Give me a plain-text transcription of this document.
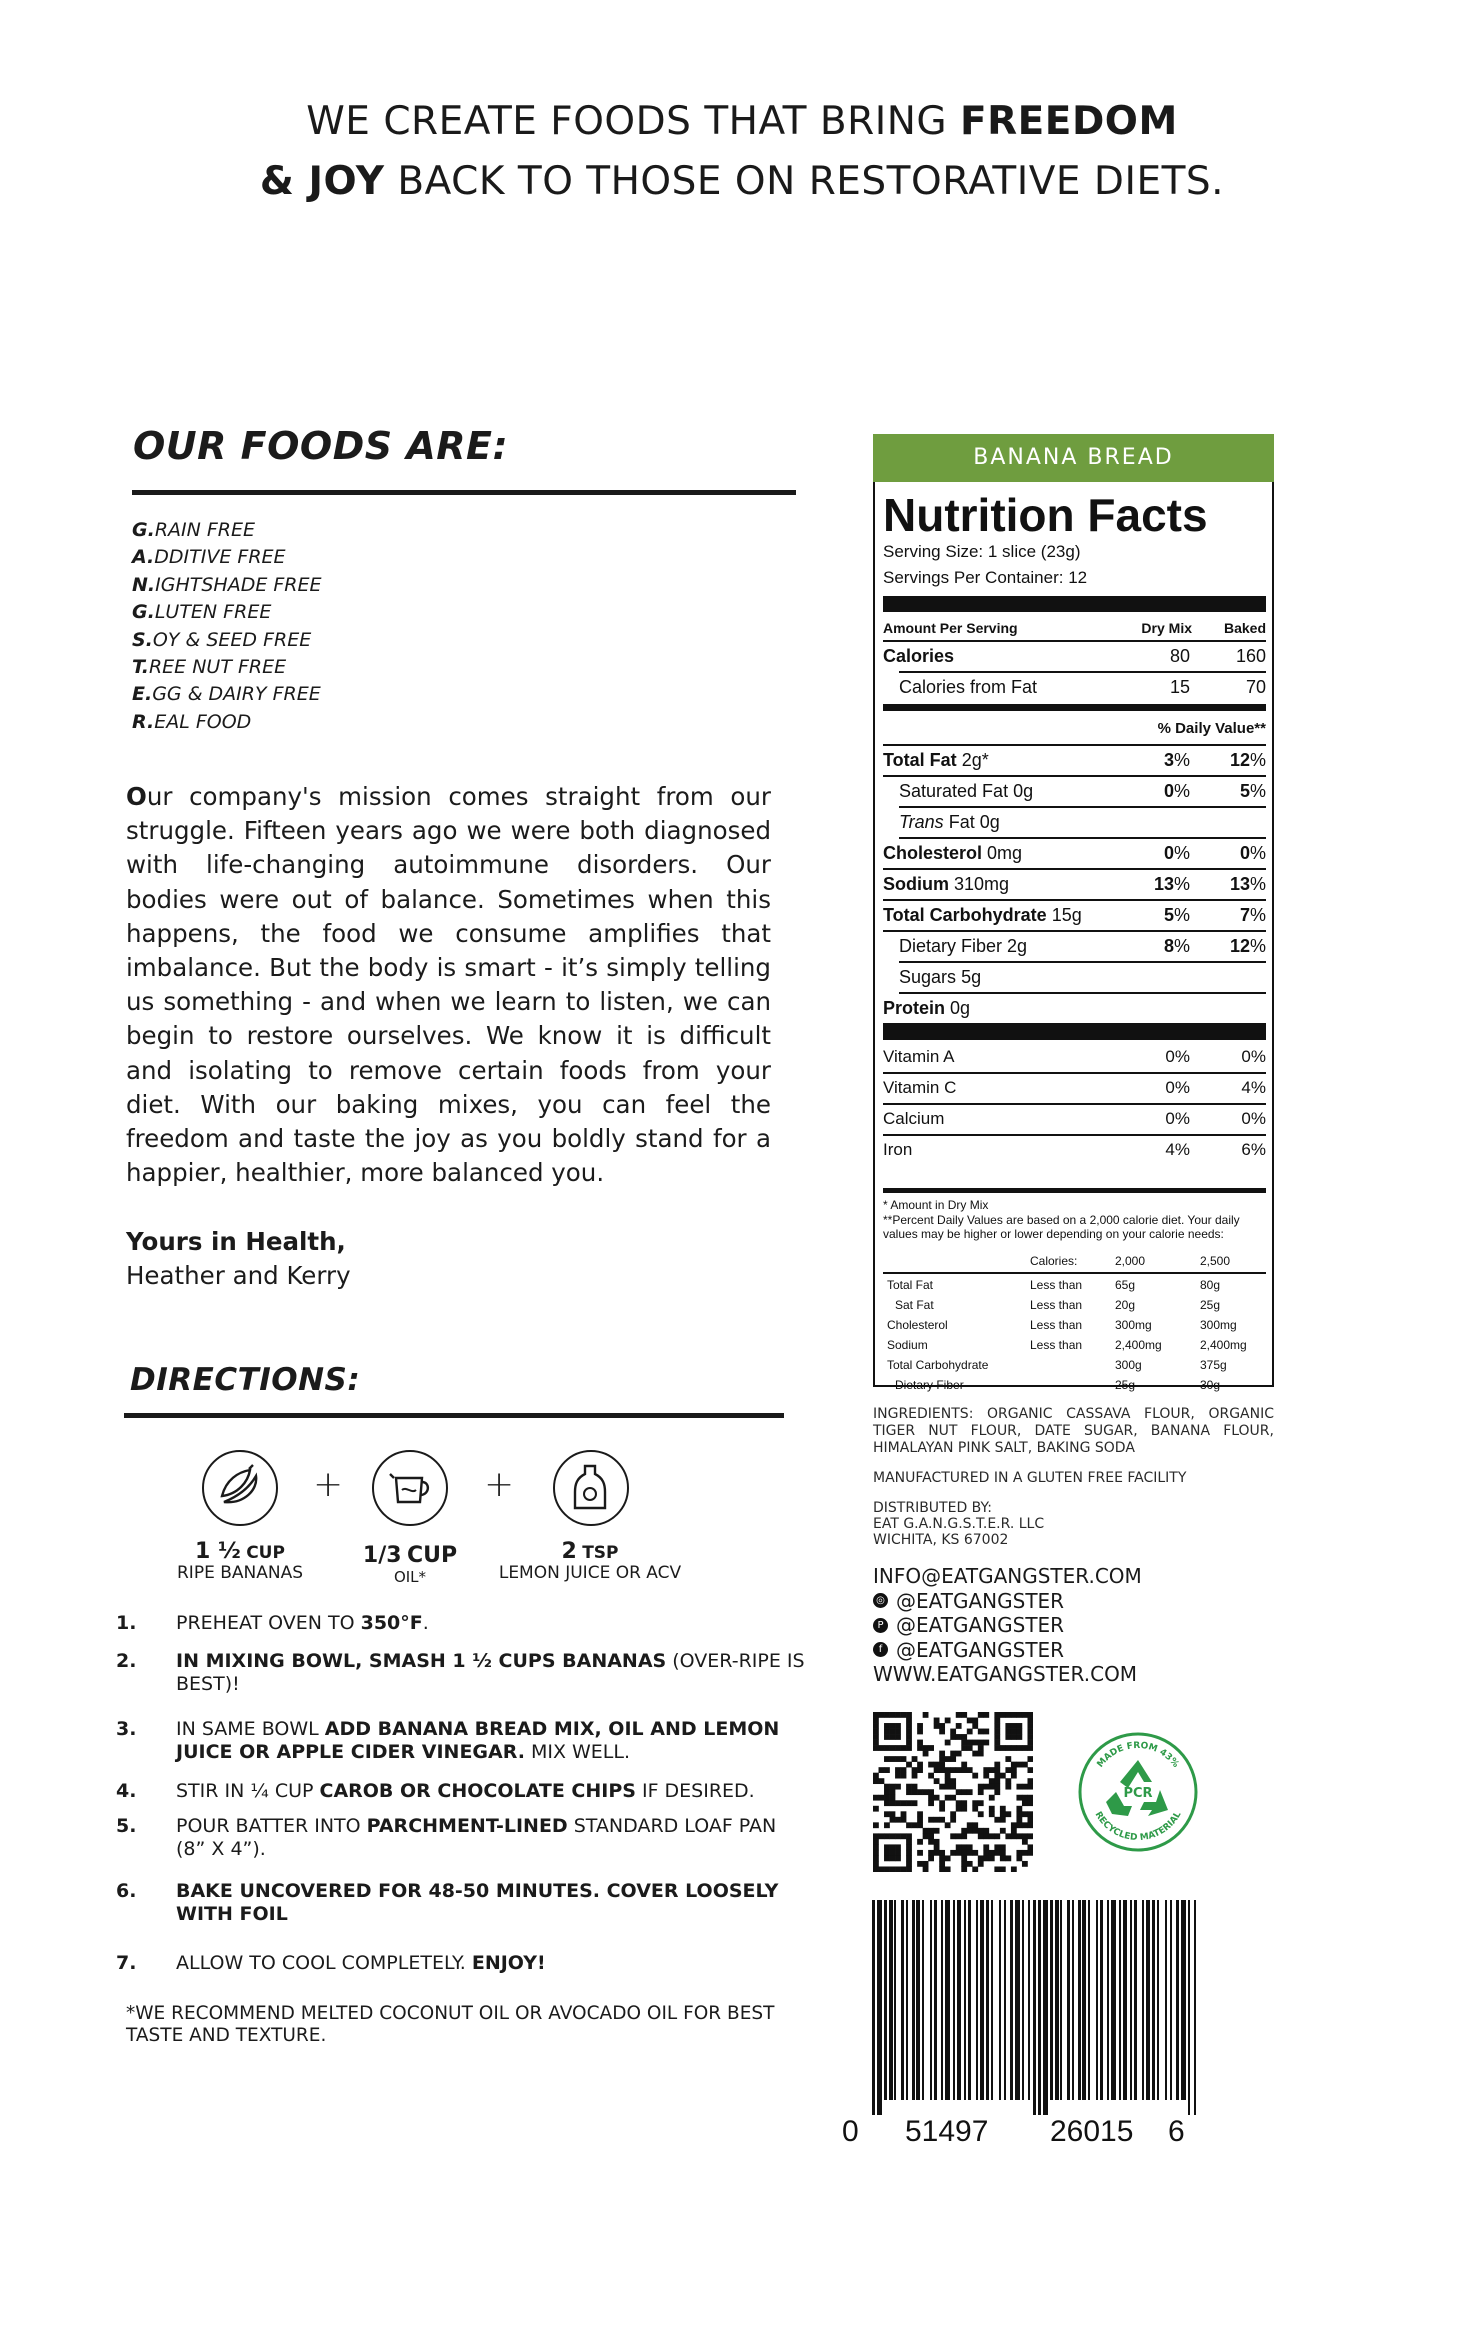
WE CREATE FOODS THAT BRING FREEDOM
& JOY BACK TO THOSE ON RESTORATIVE DIETS.
OUR FOODS ARE:
G.RAIN FREE
A.DDITIVE FREE
N.IGHTSHADE FREE
G.LUTEN FREE
S.OY & SEED FREE
T.REE NUT FREE
E.GG & DAIRY FREE
R.EAL FOOD
Our company's mission comes straight from our struggle. Fifteen years ago we were both diagnosed with life-changing autoimmune disorders. Our bodies were out of balance. Sometimes when this happens, the food we consume amplifies that imbalance. But the body is smart - it’s simply telling us something - and when we learn to listen, we can begin to restore ourselves. We know it is difficult and isolating to remove certain foods from your diet. With our baking mixes, you can feel the freedom and taste the joy as you boldly stand for a happier, healthier, more balanced you.
Yours in Health,
Heather and Kerry
DIRECTIONS:
+	+
1 ½ CUP
RIPE BANANAS
1/3 CUP
OIL*
2 TSP
LEMON JUICE OR ACV
1. PREHEAT OVEN TO 350°F.
2. IN MIXING BOWL, SMASH 1 ½ CUPS BANANAS (OVER-RIPE IS BEST)!
3. IN SAME BOWL ADD BANANA BREAD MIX, OIL AND LEMON JUICE OR APPLE CIDER VINEGAR. MIX WELL.
4. STIR IN ¼ CUP CAROB OR CHOCOLATE CHIPS IF DESIRED.
5. POUR BATTER INTO PARCHMENT-LINED STANDARD LOAF PAN (8” X 4”).
6. BAKE UNCOVERED FOR 48-50 MINUTES. COVER LOOSELY WITH FOIL
7. ALLOW TO COOL COMPLETELY. ENJOY!
*WE RECOMMEND MELTED COCONUT OIL OR AVOCADO OIL FOR BEST TASTE AND TEXTURE.
BANANA BREAD
Nutrition Facts
Serving Size: 1 slice (23g)
Servings Per Container: 12
Amount Per Serving	Dry Mix Baked
Calories	80	160
Calories from Fat	15	70
% Daily Value**
Total Fat 2g*	3% 12%
Saturated Fat 0g	0%	5%
Trans Fat 0g
Cholesterol 0mg	0%	0%
Sodium 310mg	13% 13%
Total Carbohydrate 15g	5%	7%
Dietary Fiber 2g	8% 12%
Sugars 5g
Protein 0g
Vitamin A	0%	0%
Vitamin C	0%	4%
Calcium	0%	0%
Iron	4%	6%
* Amount in Dry Mix
**Percent Daily Values are based on a 2,000 calorie diet. Your daily values may be higher or lower depending on your calorie needs:
Calories:	2,000	2,500
Total Fat	Less than	65g	80g
Sat Fat	Less than	20g	25g
Cholesterol	Less than	300mg	300mg
Sodium	Less than	2,400mg	2,400mg
Total Carbohydrate	300g	375g
Dietary Fiber	25g	30g
INGREDIENTS: ORGANIC CASSAVA FLOUR, ORGANIC TIGER NUT FLOUR, DATE SUGAR, BANANA FLOUR, HIMALAYAN PINK SALT, BAKING SODA
MANUFACTURED IN A GLUTEN FREE FACILITY
DISTRIBUTED BY:
EAT G.A.N.G.S.T.E.R. LLC
WICHITA, KS 67002
INFO@EATGANGSTER.COM
◎ @EATGANGSTER
P @EATGANGSTER
f @EATGANGSTER
WWW.EATGANGSTER.COM
MADE FROM 43%
RECYCLED MATERIAL
PCR
0 51497 26015 6
